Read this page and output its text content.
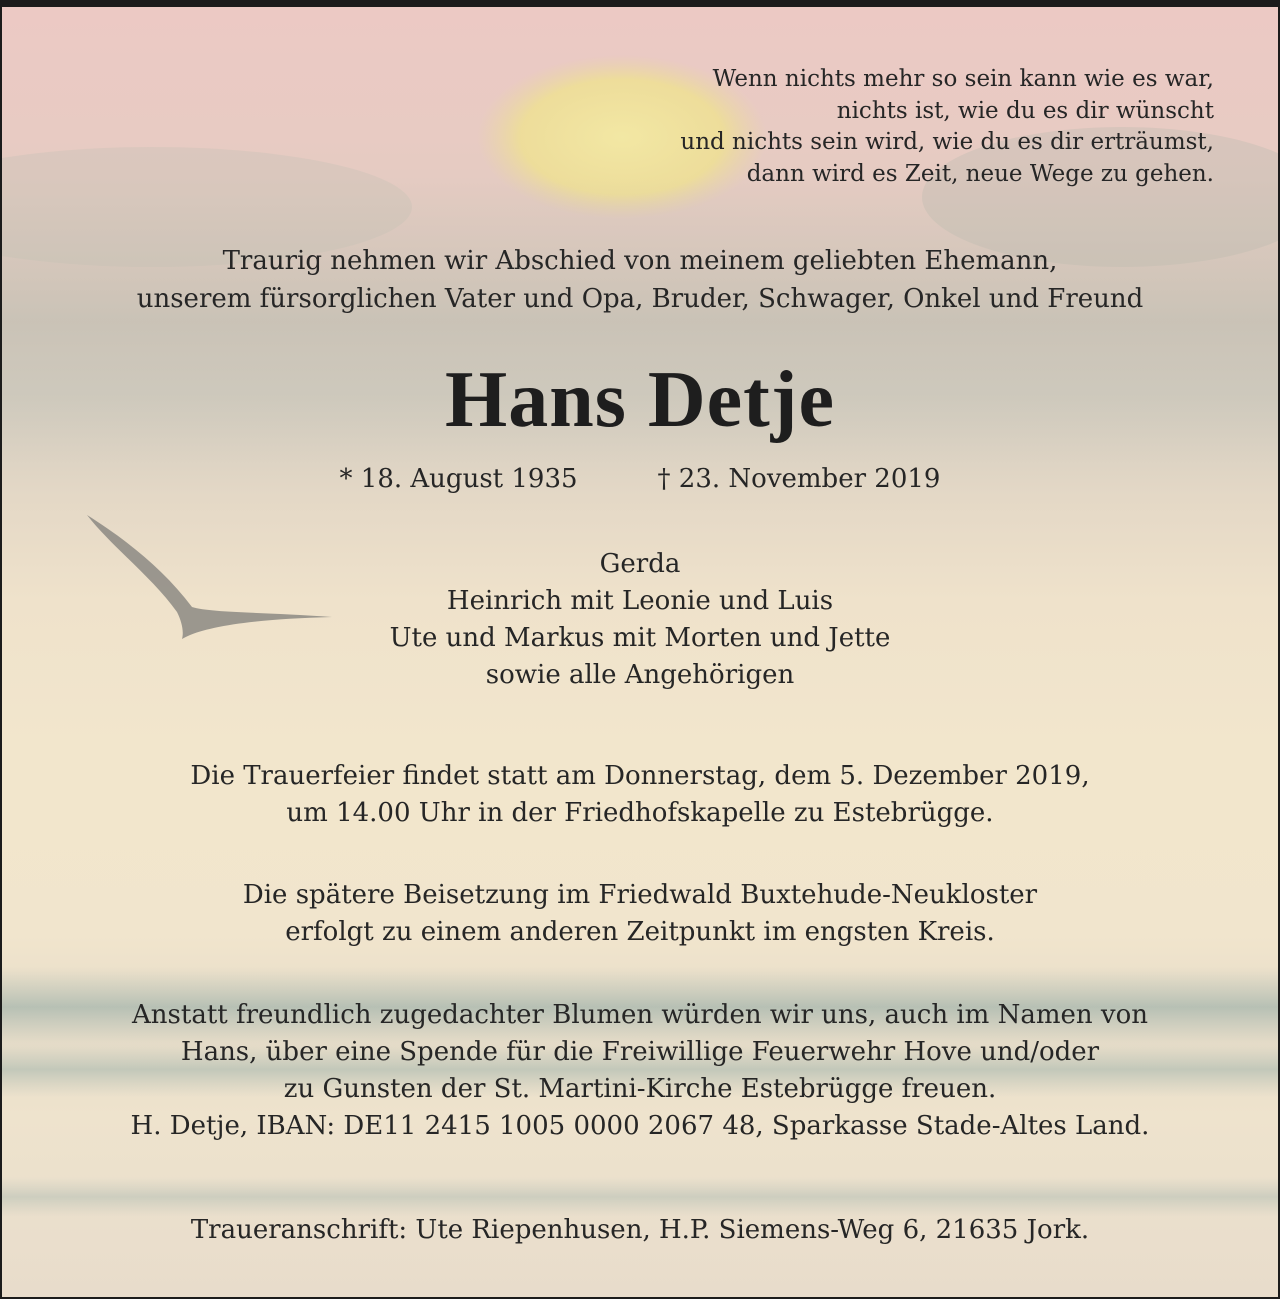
Wenn nichts mehr so sein kann wie es war,
nichts ist, wie du es dir wünscht
und nichts sein wird, wie du es dir erträumst,
dann wird es Zeit, neue Wege zu gehen.
Traurig nehmen wir Abschied von meinem geliebten Ehemann,
unserem fürsorglichen Vater und Opa, Bruder, Schwager, Onkel und Freund
Hans Detje
* 18. August 1935	† 23. November 2019
Gerda
Heinrich mit Leonie und Luis
Ute und Markus mit Morten und Jette
sowie alle Angehörigen
Die Trauerfeier findet statt am Donnerstag, dem 5. Dezember 2019,
um 14.00 Uhr in der Friedhofskapelle zu Estebrügge.
Die spätere Beisetzung im Friedwald Buxtehude-Neukloster
erfolgt zu einem anderen Zeitpunkt im engsten Kreis.
Anstatt freundlich zugedachter Blumen würden wir uns, auch im Namen von
Hans, über eine Spende für die Freiwillige Feuerwehr Hove und/oder
zu Gunsten der St. Martini-Kirche Estebrügge freuen.
H. Detje, IBAN: DE11 2415 1005 0000 2067 48, Sparkasse Stade-Altes Land.
Traueranschrift: Ute Riepenhusen, H.P. Siemens-Weg 6, 21635 Jork.
